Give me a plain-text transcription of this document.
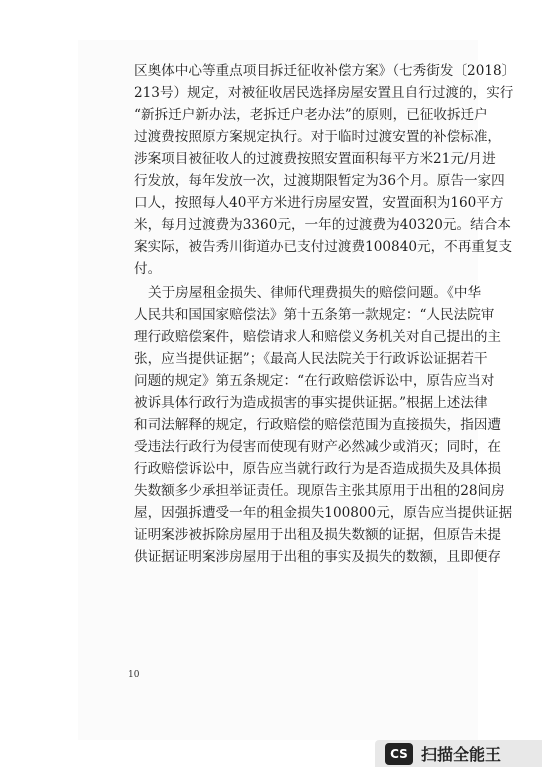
区奥体中心等重点项目拆迁征收补偿方案》（七秀街发〔2018〕
213号）规定，对被征收居民选择房屋安置且自行过渡的，实行
“新拆迁户新办法，老拆迁户老办法”的原则，已征收拆迁户
过渡费按照原方案规定执行。对于临时过渡安置的补偿标准，
涉案项目被征收人的过渡费按照安置面积每平方米21元/月进
行发放，每年发放一次，过渡期限暂定为36个月。原告一家四
口人，按照每人40平方米进行房屋安置，安置面积为160平方
米，每月过渡费为3360元，一年的过渡费为40320元。结合本
案实际，被告秀川街道办已支付过渡费100840元，不再重复支
付。
关于房屋租金损失、律师代理费损失的赔偿问题。《中华
人民共和国国家赔偿法》第十五条第一款规定：“人民法院审
理行政赔偿案件，赔偿请求人和赔偿义务机关对自己提出的主
张，应当提供证据”；《最高人民法院关于行政诉讼证据若干
问题的规定》第五条规定：“在行政赔偿诉讼中，原告应当对
被诉具体行政行为造成损害的事实提供证据。”根据上述法律
和司法解释的规定，行政赔偿的赔偿范围为直接损失，指因遭
受违法行政行为侵害而使现有财产必然减少或消灭；同时，在
行政赔偿诉讼中，原告应当就行政行为是否造成损失及具体损
失数额多少承担举证责任。现原告主张其原用于出租的28间房
屋，因强拆遭受一年的租金损失100800元，原告应当提供证据
证明案涉被拆除房屋用于出租及损失数额的证据，但原告未提
供证据证明案涉房屋用于出租的事实及损失的数额，且即便存
10
CS 扫描全能王
